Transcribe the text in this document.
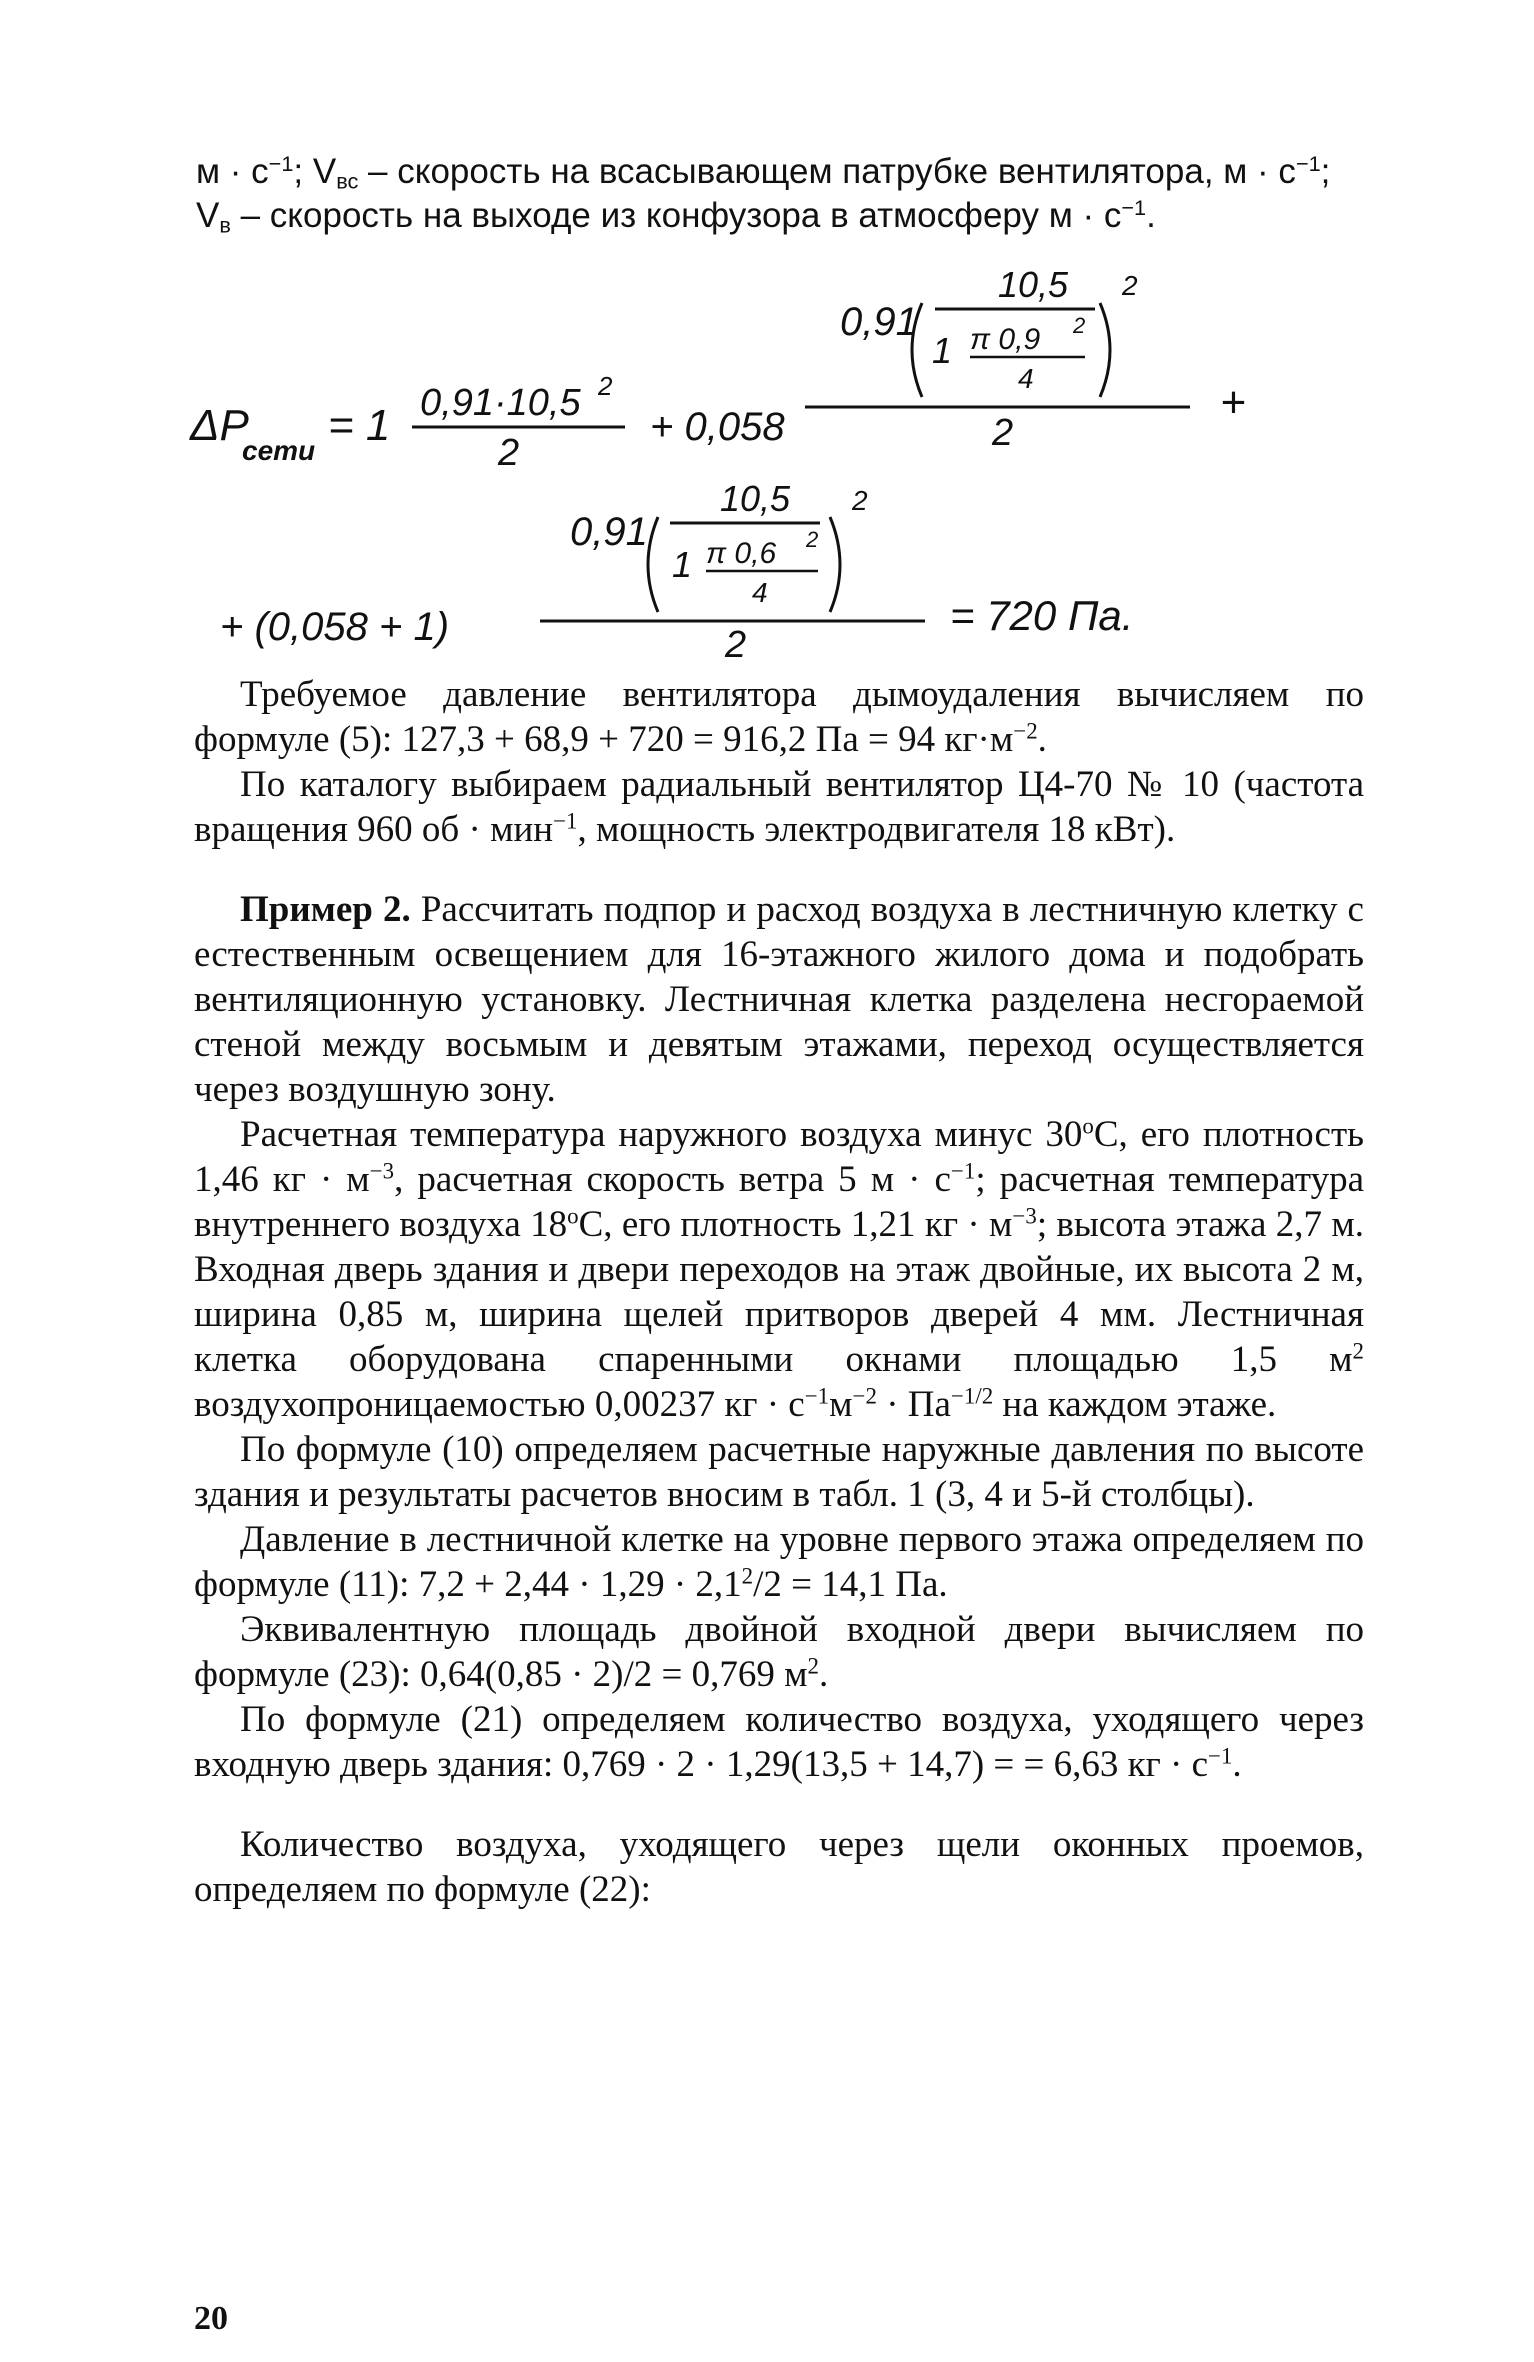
$м \cdot с^{-1}$; $V_{вс}$ – скорость на всасывающем патрубке вентилятора, $м \cdot с^{-1}$;

$V_в$ – скорость на выходе из конфузора в атмосферу $м \cdot с^{-1}$.

ΔP
сети
= 1 0,91·10,5 2
2
+ 0,058
0,91
10,5
1 π 0,9 2
4
2
2
+
+ (0,058 + 1)
0,91
10,5
1 π 0,6 2
4
2
2
= 720 Па.

Требуемое давление вентилятора дымоудаления вычисляем по формуле (5): 127,3 + 68,9 + 720 = 916,2 Па = 94 $кг\cdot м^{-2}$.

По каталогу выбираем радиальный вентилятор Ц4-70 № 10 (частота вращения 960 об · мин$^{-1}$, мощность электродвигателя 18 кВт).

Пример 2. Рассчитать подпор и расход воздуха в лестничную клетку с естественным освещением для 16-этажного жилого дома и подобрать вентиляционную установку. Лестничная клетка разделена несгораемой стеной между восьмым и девятым этажами, переход осуществляется через воздушную зону.

Расчетная температура наружного воздуха минус $30^оС$, его плотность 1,46 кг · $м^{-3}$, расчетная скорость ветра 5 $м \cdot с^{-1}$; расчетная температура внутреннего воздуха $18^оС$, его плотность 1,21 кг · $м^{-3}$; высота этажа 2,7 м. Входная дверь здания и двери переходов на этаж двойные, их высота 2 м, ширина 0,85 м, ширина щелей притворов дверей 4 мм. Лестничная клетка оборудована спаренными окнами площадью 1,5 $м^2$ воздухопроницаемостью 0,00237 кг · $с^{-1}м^{-2} \cdot Па^{-1/2}$ на каждом этаже.

По формуле (10) определяем расчетные наружные давления по высоте здания и результаты расчетов вносим в табл. 1 (3, 4 и 5-й столбцы).

Давление в лестничной клетке на уровне первого этажа определяем по формуле (11): $7,2 + 2,44 \cdot 1,29 \cdot 2,1^2/2 = 14,1$ Па.

Эквивалентную площадь двойной входной двери вычисляем по формуле (23): 0,64(0,85 · 2)/2 = 0,769 $м^2$.

По формуле (21) определяем количество воздуха, уходящего через входную дверь здания: 0,769 · 2 · 1,29(13,5 + 14,7) = = 6,63 кг · $с^{-1}$.

Количество воздуха, уходящего через щели оконных проемов, определяем по формуле (22):

20
